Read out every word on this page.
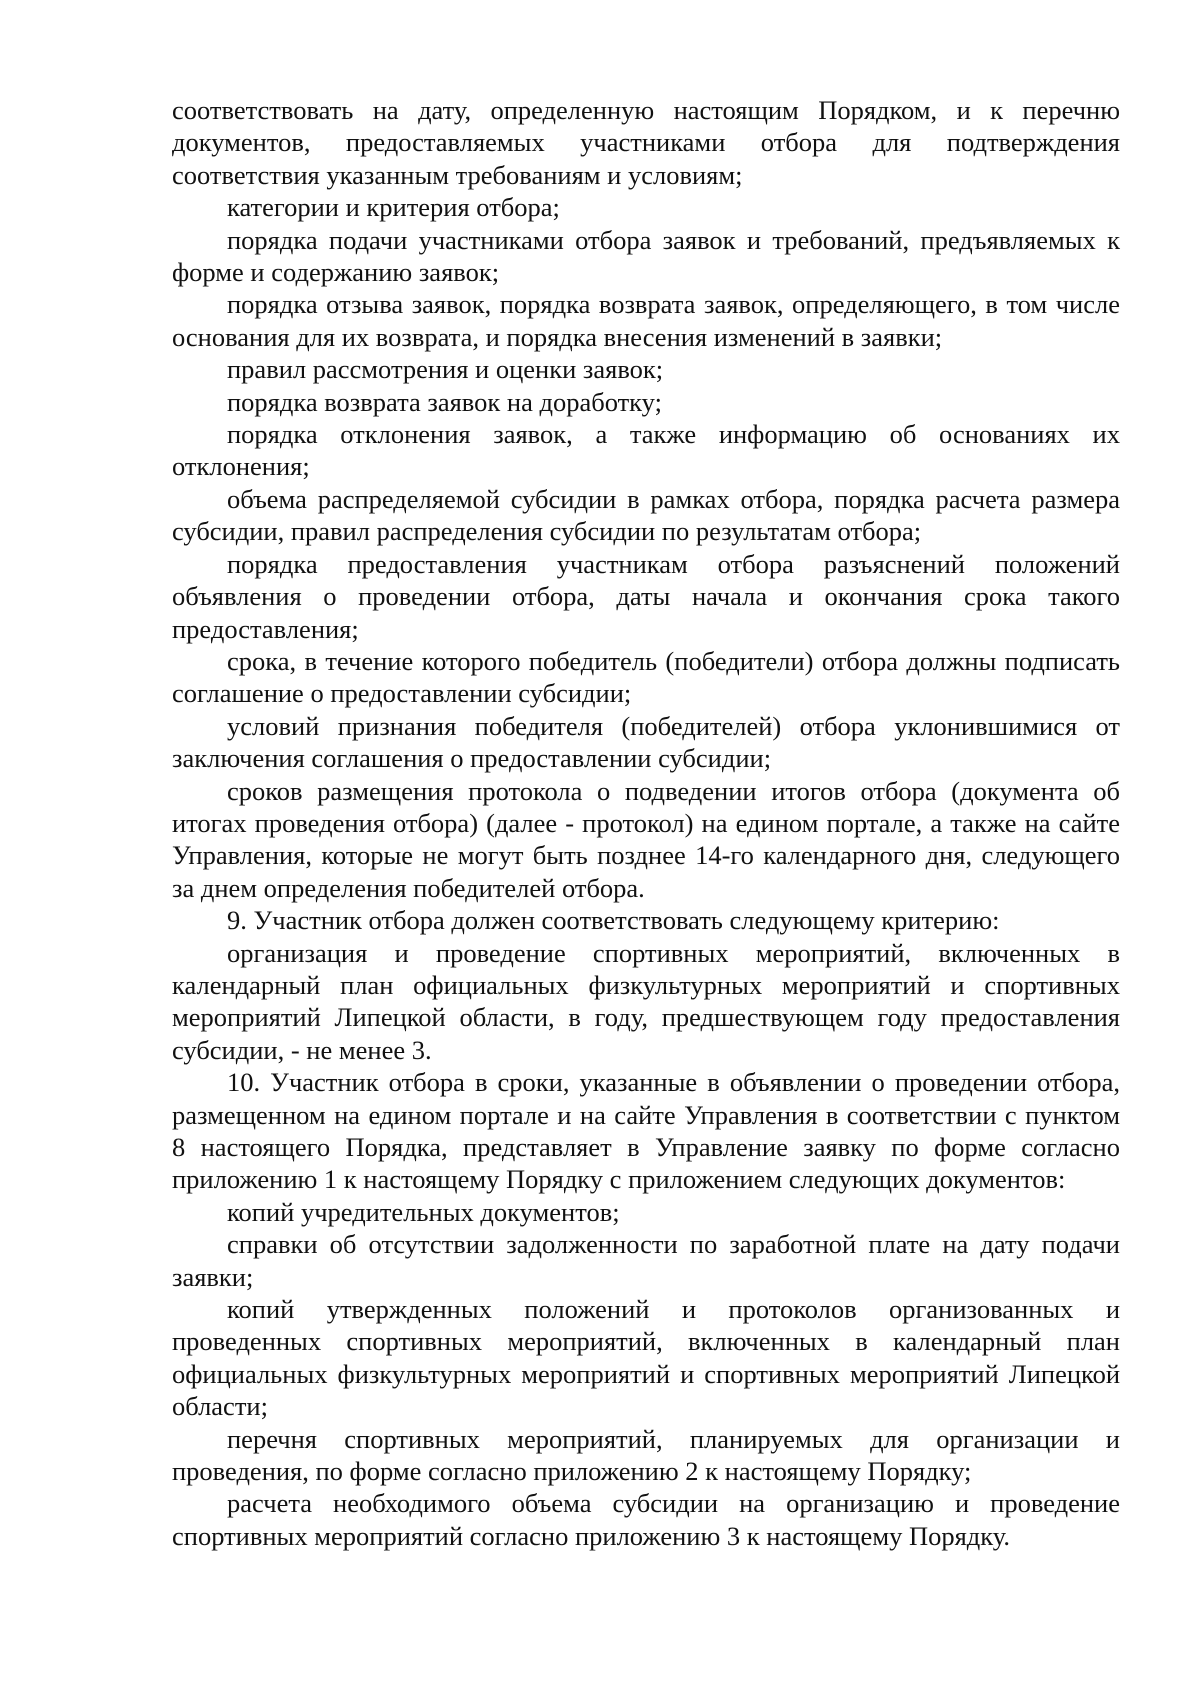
соответствовать на дату, определенную настоящим Порядком, и к перечню документов, предоставляемых участниками отбора для подтверждения соответствия указанным требованиям и условиям;

категории и критерия отбора;

порядка подачи участниками отбора заявок и требований, предъявляемых к форме и содержанию заявок;

порядка отзыва заявок, порядка возврата заявок, определяющего, в том числе основания для их возврата, и порядка внесения изменений в заявки;

правил рассмотрения и оценки заявок;

порядка возврата заявок на доработку;

порядка отклонения заявок, а также информацию об основаниях их отклонения;

объема распределяемой субсидии в рамках отбора, порядка расчета размера субсидии, правил распределения субсидии по результатам отбора;

порядка предоставления участникам отбора разъяснений положений объявления о проведении отбора, даты начала и окончания срока такого предоставления;

срока, в течение которого победитель (победители) отбора должны подписать соглашение о предоставлении субсидии;

условий признания победителя (победителей) отбора уклонившимися от заключения соглашения о предоставлении субсидии;

сроков размещения протокола о подведении итогов отбора (документа об итогах проведения отбора) (далее - протокол) на едином портале, а также на сайте Управления, которые не могут быть позднее 14-го календарного дня, следующего за днем определения победителей отбора.

9. Участник отбора должен соответствовать следующему критерию:

организация и проведение спортивных мероприятий, включенных в календарный план официальных физкультурных мероприятий и спортивных мероприятий Липецкой области, в году, предшествующем году предоставления субсидии, - не менее 3.

10. Участник отбора в сроки, указанные в объявлении о проведении отбора, размещенном на едином портале и на сайте Управления в соответствии с пунктом 8 настоящего Порядка, представляет в Управление заявку по форме согласно приложению 1 к настоящему Порядку с приложением следующих документов:

копий учредительных документов;

справки об отсутствии задолженности по заработной плате на дату подачи заявки;

копий утвержденных положений и протоколов организованных и проведенных спортивных мероприятий, включенных в календарный план официальных физкультурных мероприятий и спортивных мероприятий Липецкой области;

перечня спортивных мероприятий, планируемых для организации и проведения, по форме согласно приложению 2 к настоящему Порядку;

расчета необходимого объема субсидии на организацию и проведение спортивных мероприятий согласно приложению 3 к настоящему Порядку.
